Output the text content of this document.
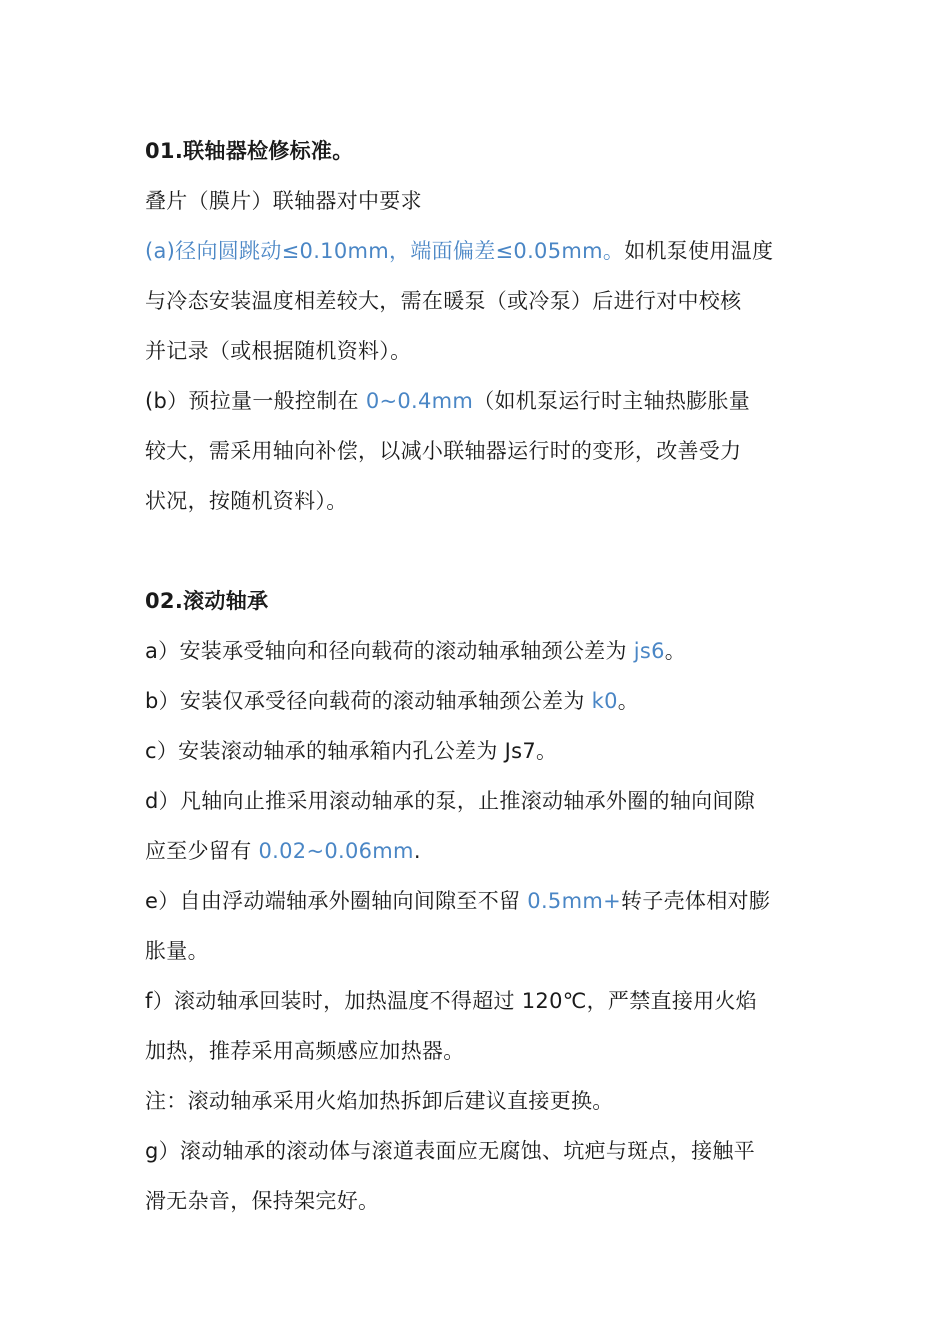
01.联轴器检修标准。
叠片（膜片）联轴器对中要求
(a)径向圆跳动≤0.10mm，端面偏差≤0.05mm。如机泵使用温度
与冷态安装温度相差较大，需在暖泵（或冷泵）后进行对中校核
并记录（或根据随机资料）。
(b）预拉量一般控制在 0~0.4mm（如机泵运行时主轴热膨胀量
较大，需采用轴向补偿，以减小联轴器运行时的变形，改善受力
状况，按随机资料）。
02.滚动轴承
a）安装承受轴向和径向载荷的滚动轴承轴颈公差为 js6。
b）安装仅承受径向载荷的滚动轴承轴颈公差为 k0。
c）安装滚动轴承的轴承箱内孔公差为 Js7。
d）凡轴向止推采用滚动轴承的泵，止推滚动轴承外圈的轴向间隙
应至少留有 0.02~0.06mm.
e）自由浮动端轴承外圈轴向间隙至不留 0.5mm+转子壳体相对膨
胀量。
f）滚动轴承回装时，加热温度不得超过 120℃，严禁直接用火焰
加热，推荐采用高频感应加热器。
注：滚动轴承采用火焰加热拆卸后建议直接更换。
g）滚动轴承的滚动体与滚道表面应无腐蚀、坑疤与斑点，接触平
滑无杂音，保持架完好。
